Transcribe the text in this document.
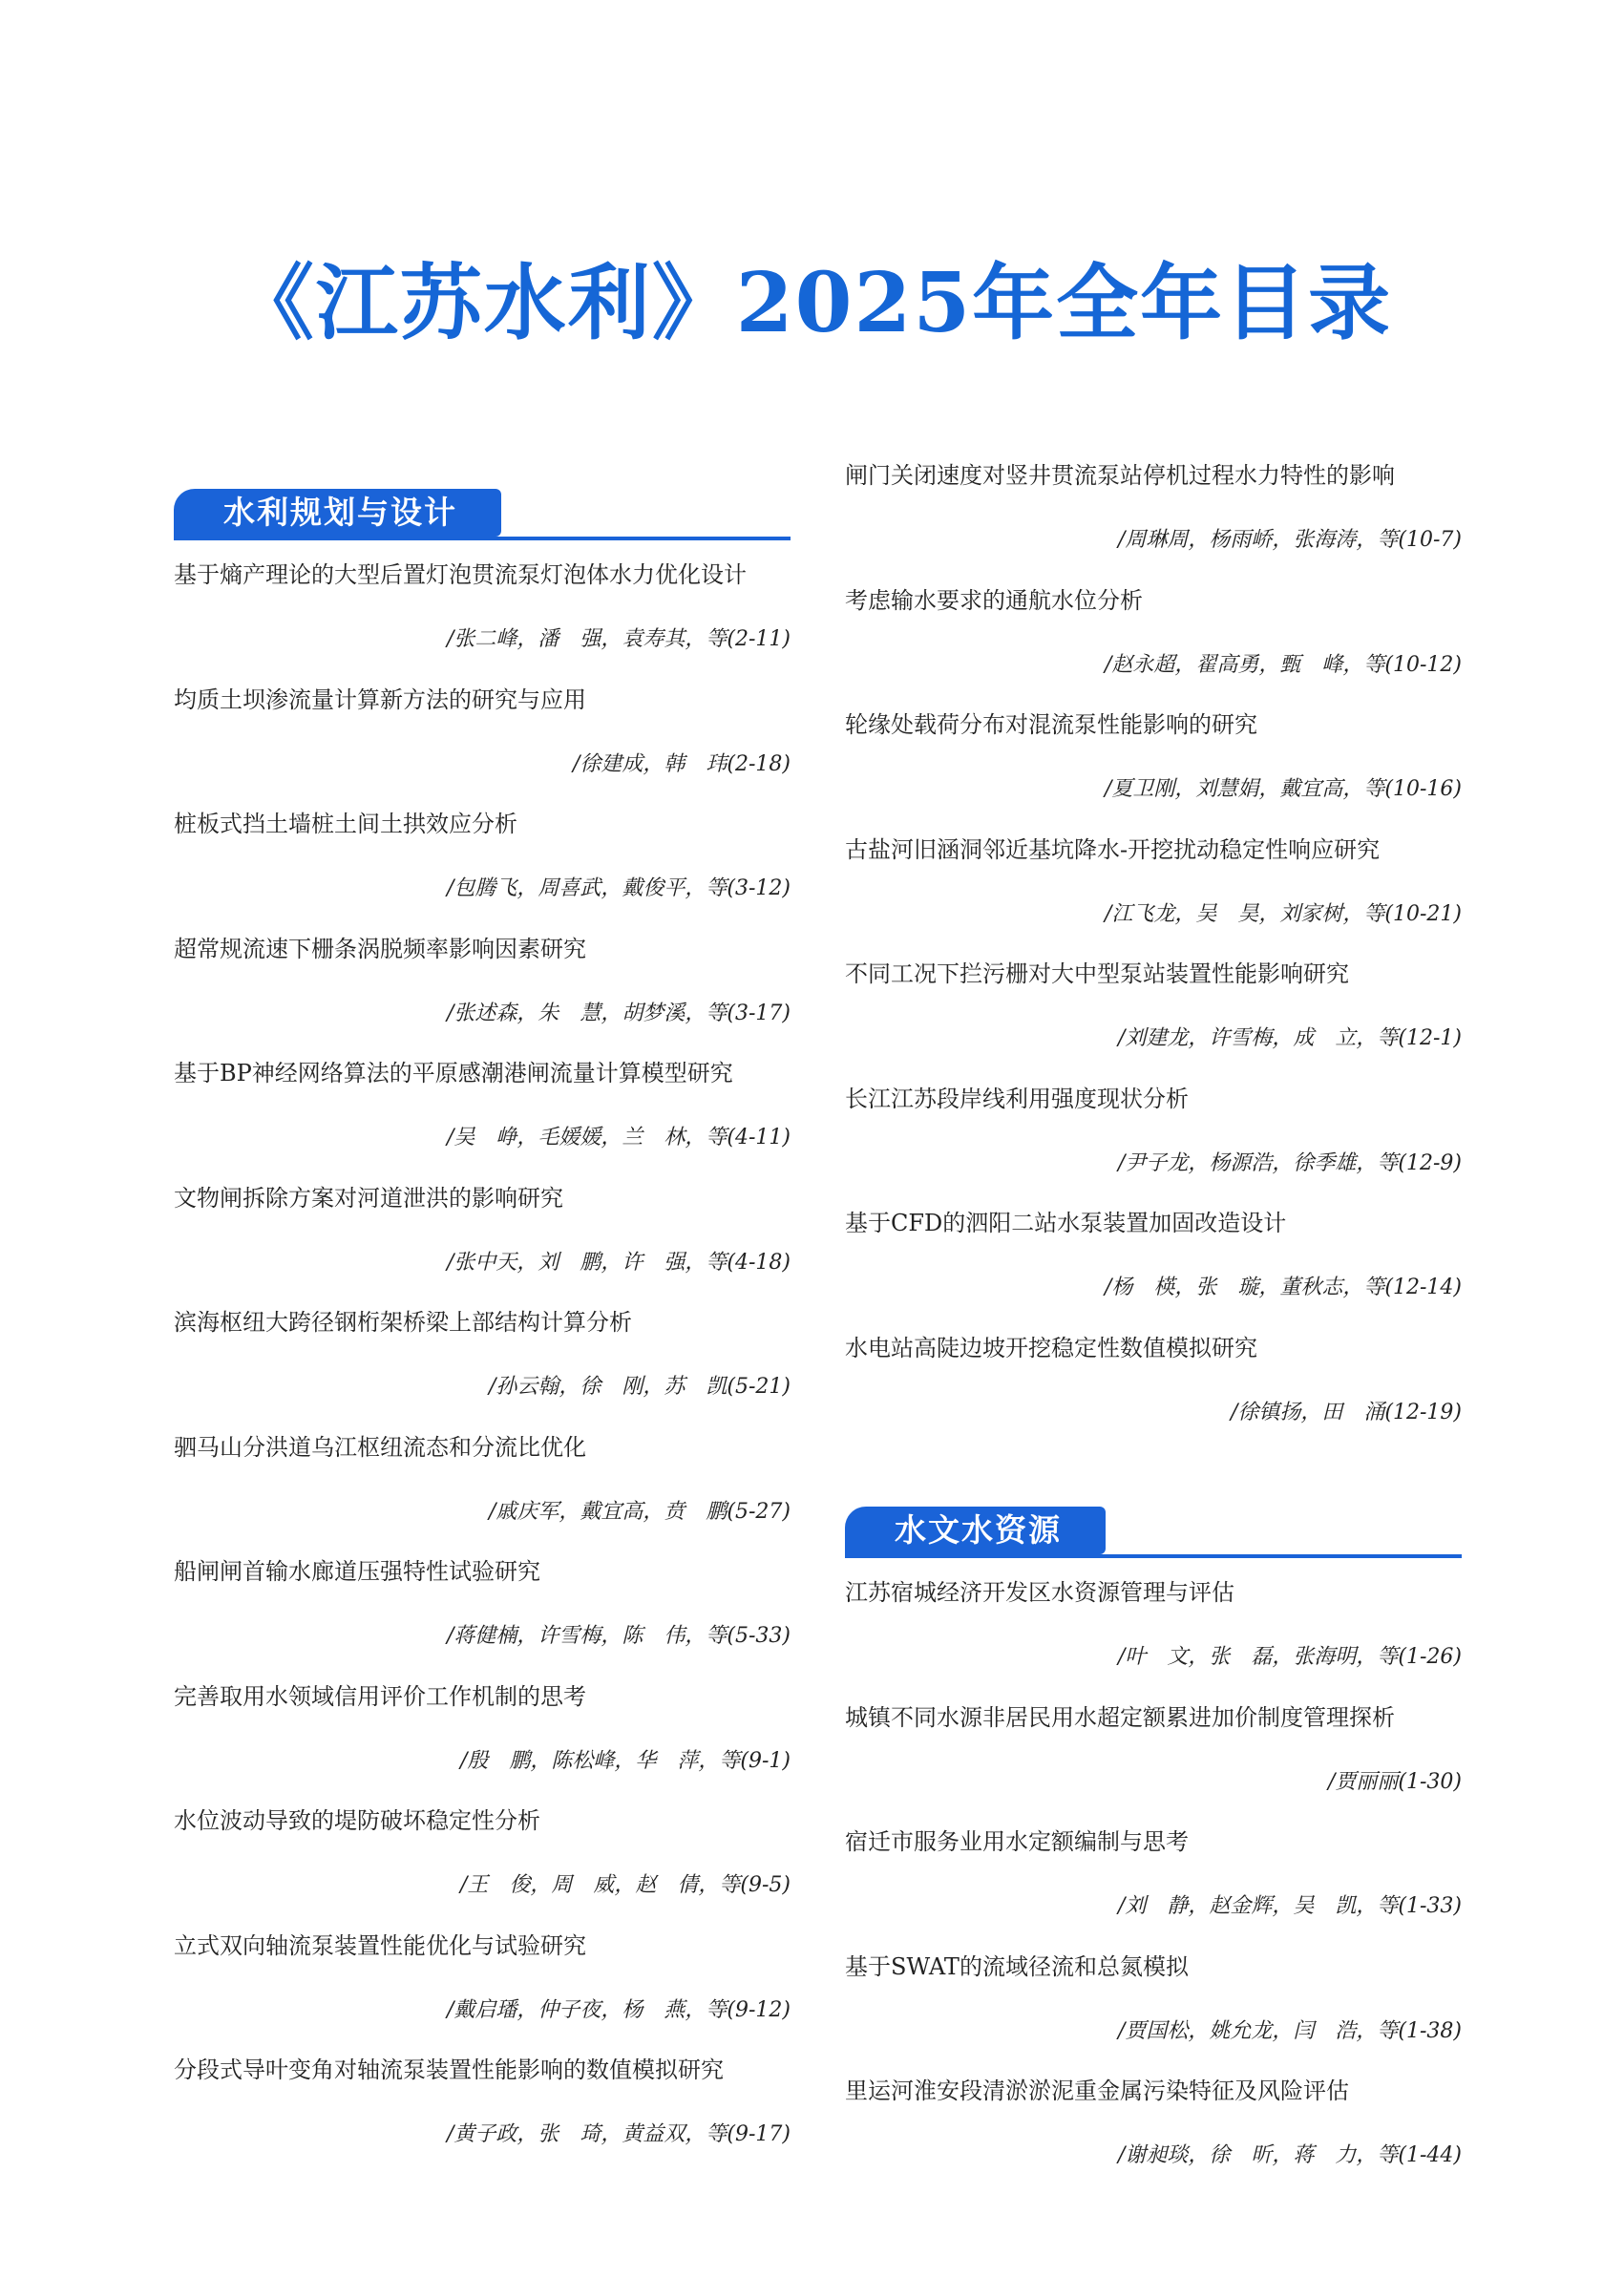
《江苏水利》2025年全年目录
水利规划与设计
基于熵产理论的大型后置灯泡贯流泵灯泡体水力优化设计
/张二峰，潘　强，袁寿其，等(2-11)
均质土坝渗流量计算新方法的研究与应用
/徐建成，韩　玮(2-18)
桩板式挡土墙桩土间土拱效应分析
/包腾飞，周喜武，戴俊平，等(3-12)
超常规流速下栅条涡脱频率影响因素研究
/张述森，朱　慧，胡梦溪，等(3-17)
基于BP神经网络算法的平原感潮港闸流量计算模型研究
/吴　峥，毛媛媛，兰　林，等(4-11)
文物闸拆除方案对河道泄洪的影响研究
/张中天，刘　鹏，许　强，等(4-18)
滨海枢纽大跨径钢桁架桥梁上部结构计算分析
/孙云翰，徐　刚，苏　凯(5-21)
驷马山分洪道乌江枢纽流态和分流比优化
/戚庆军，戴宜高，贲　鹏(5-27)
船闸闸首输水廊道压强特性试验研究
/蒋健楠，许雪梅，陈　伟，等(5-33)
完善取用水领域信用评价工作机制的思考
/殷　鹏，陈松峰，华　萍，等(9-1)
水位波动导致的堤防破坏稳定性分析
/王　俊，周　威，赵　倩，等(9-5)
立式双向轴流泵装置性能优化与试验研究
/戴启璠，仲子夜，杨　燕，等(9-12)
分段式导叶变角对轴流泵装置性能影响的数值模拟研究
/黄子政，张　琦，黄益双，等(9-17)
闸门关闭速度对竖井贯流泵站停机过程水力特性的影响
/周琳周，杨雨峤，张海涛，等(10-7)
考虑输水要求的通航水位分析
/赵永超，翟高勇，甄　峰，等(10-12)
轮缘处载荷分布对混流泵性能影响的研究
/夏卫刚，刘慧娟，戴宜高，等(10-16)
古盐河旧涵洞邻近基坑降水-开挖扰动稳定性响应研究
/江飞龙，吴　昊，刘家树，等(10-21)
不同工况下拦污栅对大中型泵站装置性能影响研究
/刘建龙，许雪梅，成　立，等(12-1)
长江江苏段岸线利用强度现状分析
/尹子龙，杨源浩，徐季雄，等(12-9)
基于CFD的泗阳二站水泵装置加固改造设计
/杨　楧，张　璇，董秋志，等(12-14)
水电站高陡边坡开挖稳定性数值模拟研究
/徐镇扬，田　涌(12-19)
水文水资源
江苏宿城经济开发区水资源管理与评估
/叶　文，张　磊，张海明，等(1-26)
城镇不同水源非居民用水超定额累进加价制度管理探析
/贾丽丽(1-30)
宿迁市服务业用水定额编制与思考
/刘　静，赵金辉，吴　凯，等(1-33)
基于SWAT的流域径流和总氮模拟
/贾国松，姚允龙，闫　浩，等(1-38)
里运河淮安段清淤淤泥重金属污染特征及风险评估
/谢昶琰，徐　昕，蒋　力，等(1-44)
